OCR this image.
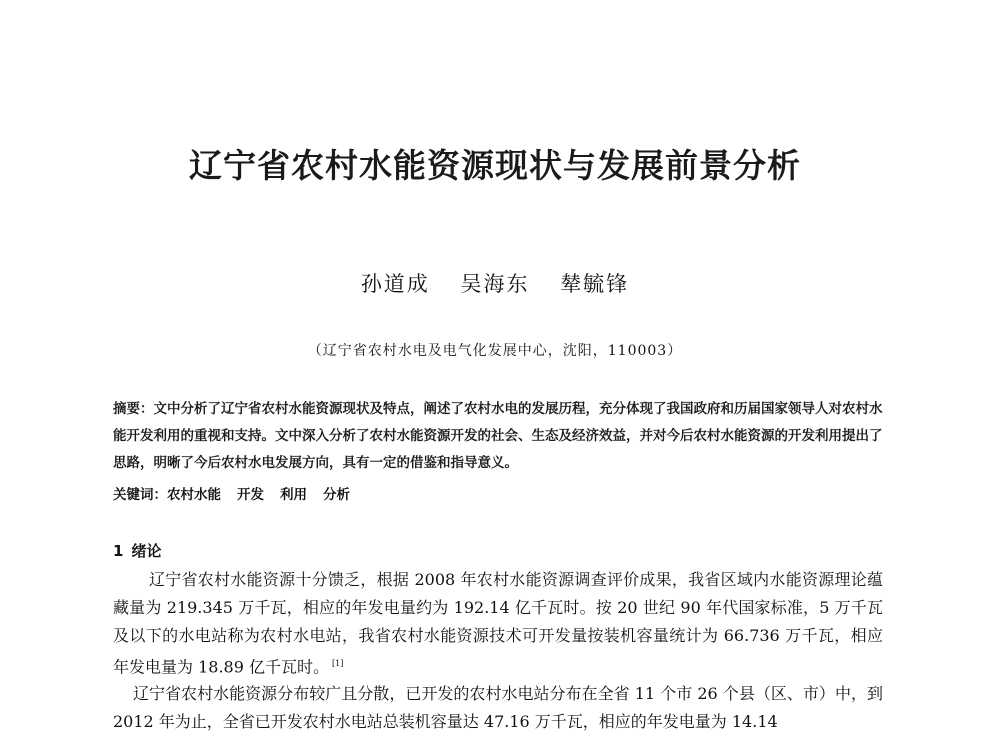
辽宁省农村水能资源现状与发展前景分析
孙道成 吴海东 辇毓锋
（辽宁省农村水电及电气化发展中心，沈阳，110003）
摘要：文中分析了辽宁省农村水能资源现状及特点，阐述了农村水电的发展历程，充分体现了我国政府和历届国家领导人对农村水能开发利用的重视和支持。文中深入分析了农村水能资源开发的社会、生态及经济效益，并对今后农村水能资源的开发利用提出了思路，明晰了今后农村水电发展方向，具有一定的借鉴和指导意义。
关键词：农村水能 开发 利用 分析
1 绪论
辽宁省农村水能资源十分馈乏，根据 2008 年农村水能资源调查评价成果，我省区域内水能资源理论蕴藏量为 219.345 万千瓦，相应的年发电量约为 192.14 亿千瓦时。按 20 世纪 90 年代国家标准，5 万千瓦及以下的水电站称为农村水电站，我省农村水能资源技术可开发量按装机容量统计为 66.736 万千瓦，相应年发电量为 18.89 亿千瓦时。 [1]
辽宁省农村水能资源分布较广且分散，已开发的农村水电站分布在全省 11 个市 26 个县（区、市）中，到 2012 年为止，全省已开发农村水电站总装机容量达 47.16 万千瓦，相应的年发电量为 14.14
